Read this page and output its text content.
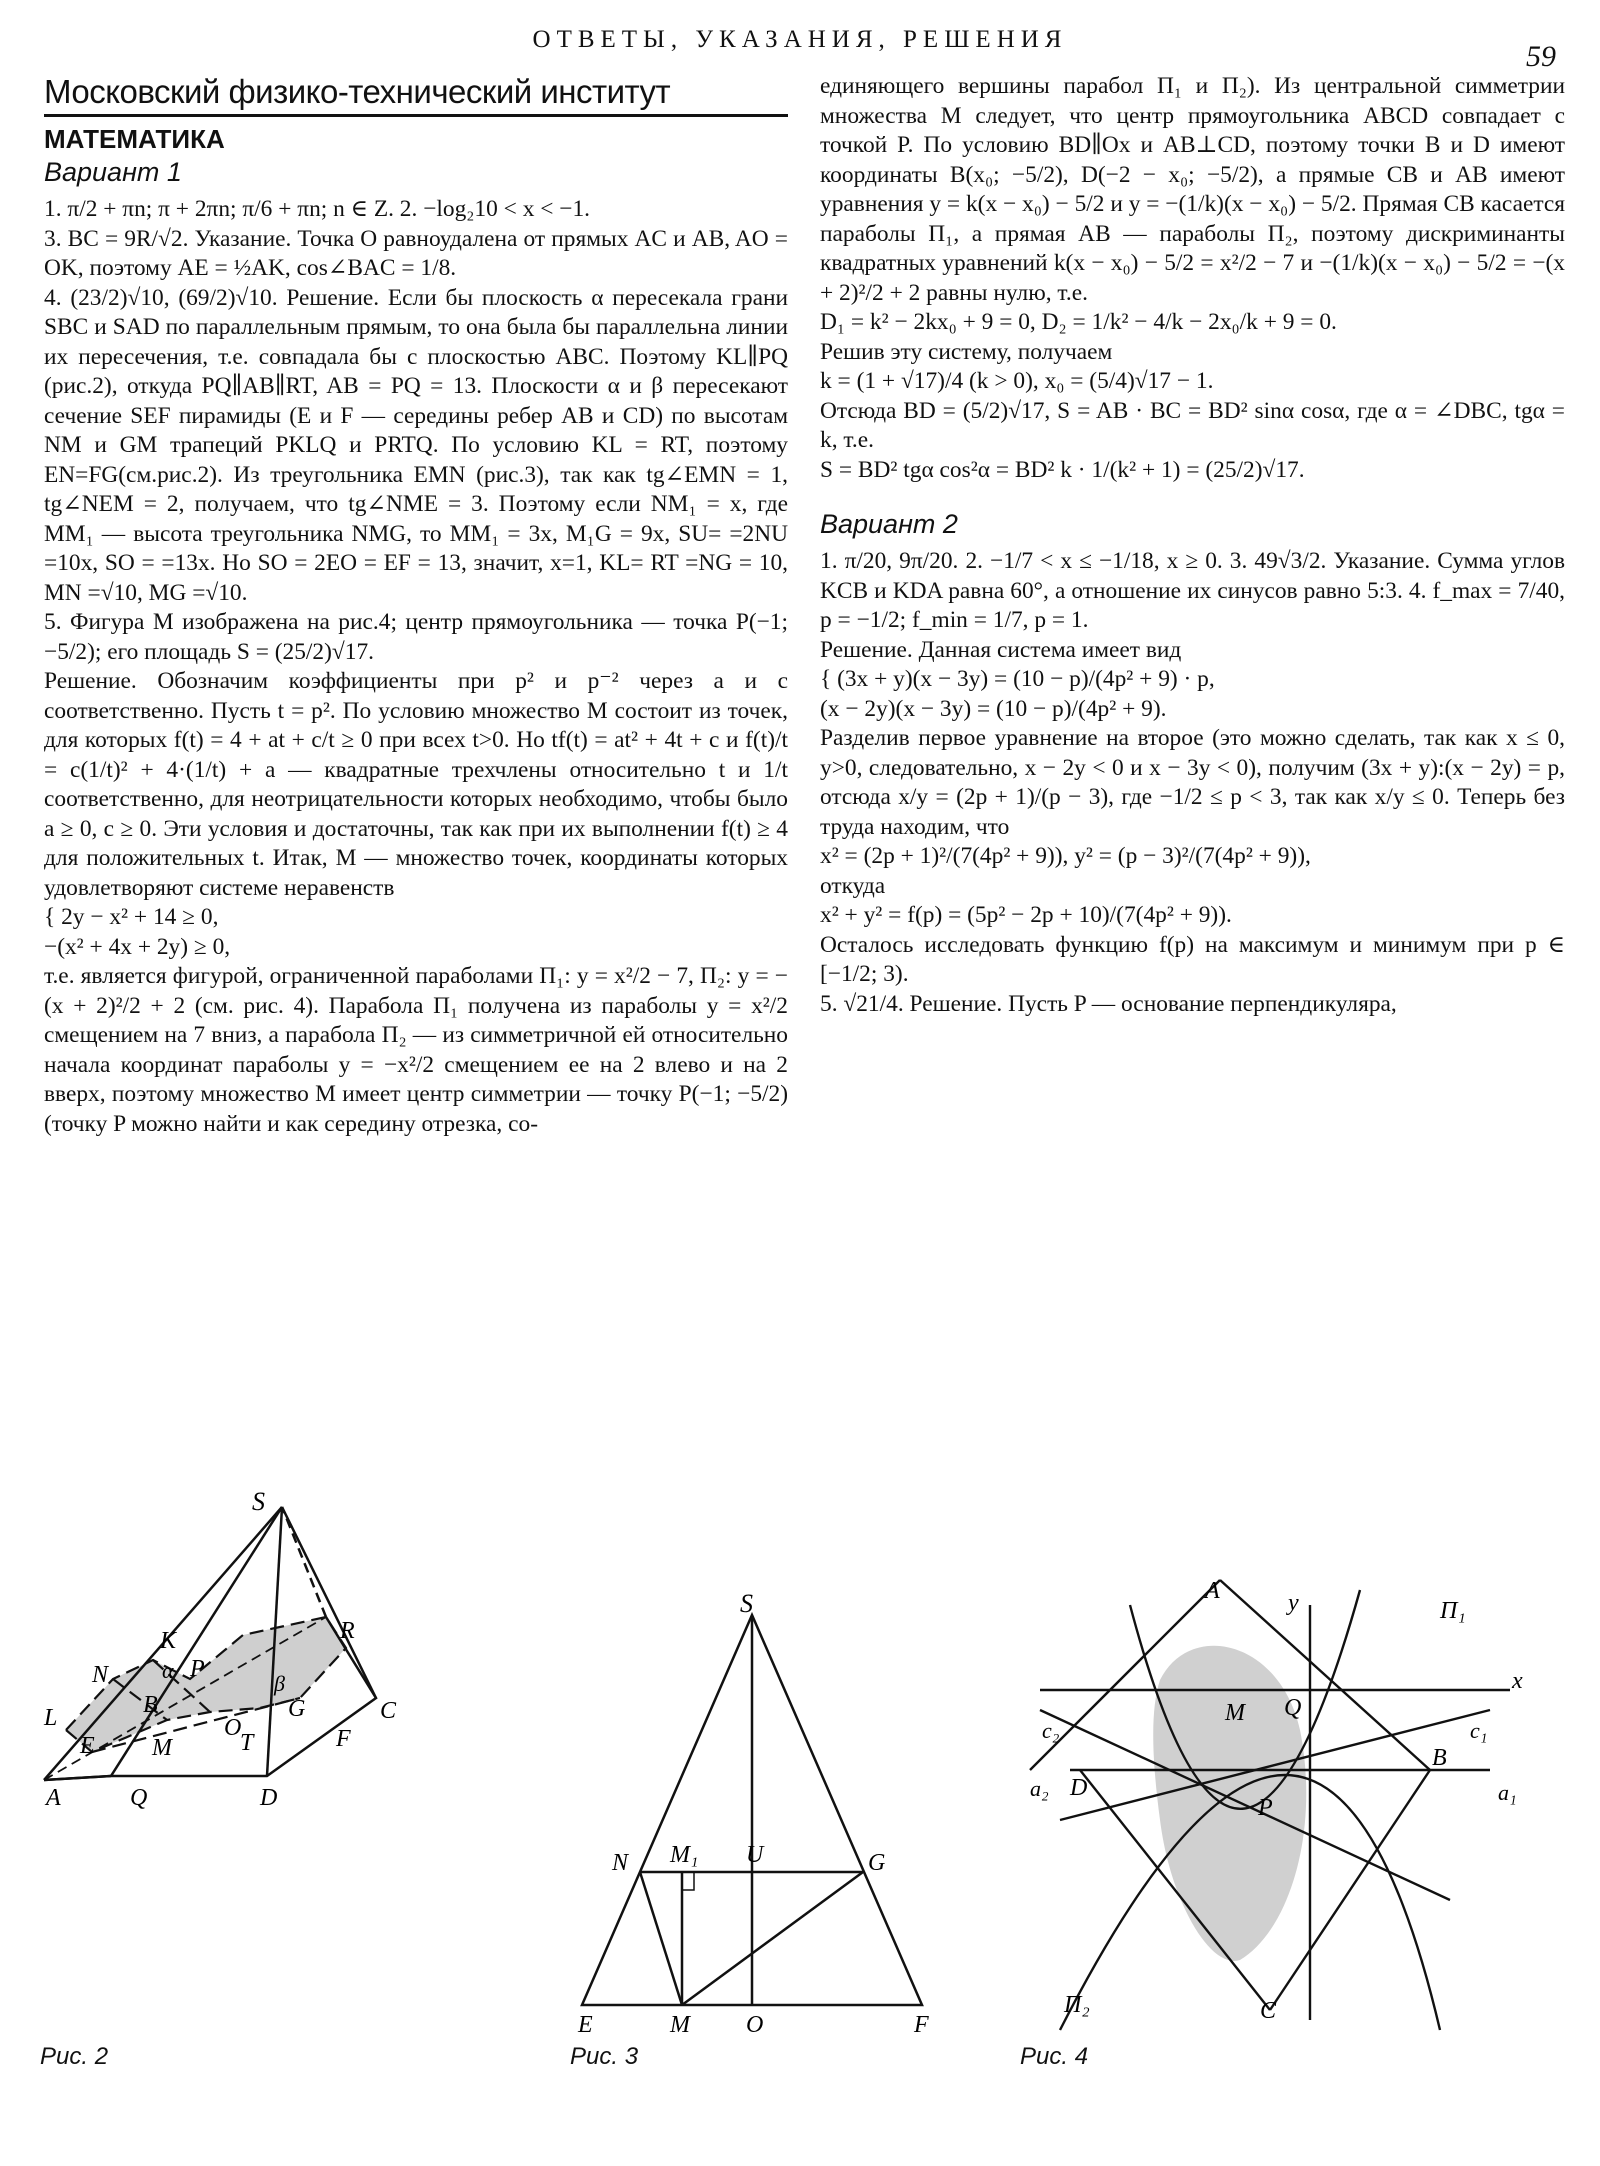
ОТВЕТЫ, УКАЗАНИЯ, РЕШЕНИЯ
59
Московский физико-технический институт
МАТЕМАТИКА
Вариант 1

1. π/2 + πn; π + 2πn; π/6 + πn; n ∈ Z. 2. −log₂10 < x < −1.

3. BC = 9R/√2. Указание. Точка O равноудалена от прямых AC и AB, AO = OK, поэтому AE = ½AK, cos∠BAC = 1/8.

4. (23/2)√10, (69/2)√10. Решение. Если бы плоскость α пересекала грани SBC и SAD по параллельным прямым, то она была бы параллельна линии их пересечения, т.е. совпадала бы с плоскостью ABC. Поэтому KL∥PQ (рис.2), откуда PQ∥AB∥RT, AB = PQ = 13. Плоскости α и β пересекают сечение SEF пирамиды (E и F — середины ребер AB и CD) по высотам NM и GM трапеций PKLQ и PRTQ. По условию KL = RT, поэтому EN=FG(см.рис.2). Из треугольника EMN (рис.3), так как tg∠EMN = 1, tg∠NEM = 2, получаем, что tg∠NME = 3. Поэтому если NM₁ = x, где MM₁ — высота треугольника NMG, то MM₁ = 3x, M₁G = 9x, SU= =2NU =10x, SO = =13x. Но SO = 2EO = EF = 13, значит, x=1, KL= RT =NG = 10, MN =√10, MG =√10.

5. Фигура M изображена на рис.4; центр прямоугольника — точка P(−1; −5/2); его площадь S = (25/2)√17.

Решение. Обозначим коэффициенты при p² и p⁻² через a и c соответственно. Пусть t = p². По условию множество M состоит из точек, для которых f(t) = 4 + at + c/t ≥ 0 при всех t>0. Но tf(t) = at² + 4t + c и f(t)/t = c(1/t)² + 4·(1/t) + a — квадратные трехчлены относительно t и 1/t соответственно, для неотрицательности которых необходимо, чтобы было a ≥ 0, c ≥ 0. Эти условия и достаточны, так как при их выполнении f(t) ≥ 4 для положительных t. Итак, M — множество точек, координаты которых удовлетворяют системе неравенств

{ 2y − x² + 14 ≥ 0,

−(x² + 4x + 2y) ≥ 0,

т.е. является фигурой, ограниченной параболами Π₁: y = x²/2 − 7, Π₂: y = −(x + 2)²/2 + 2 (см. рис. 4). Парабола Π₁ получена из параболы y = x²/2 смещением на 7 вниз, а парабола Π₂ — из симметричной ей относительно начала координат параболы y = −x²/2 смещением ее на 2 влево и на 2 вверх, поэтому множество M имеет центр симметрии — точку P(−1; −5/2) (точку P можно найти и как середину отрезка, со-

единяющего вершины парабол Π₁ и Π₂). Из центральной симметрии множества M следует, что центр прямоугольника ABCD совпадает с точкой P. По условию BD∥Ox и AB⊥CD, поэтому точки B и D имеют координаты B(x₀; −5/2), D(−2 − x₀; −5/2), а прямые CB и AB имеют уравнения y = k(x − x₀) − 5/2 и y = −(1/k)(x − x₀) − 5/2. Прямая CB касается параболы Π₁, а прямая AB — параболы Π₂, поэтому дискриминанты квадратных уравнений k(x − x₀) − 5/2 = x²/2 − 7 и −(1/k)(x − x₀) − 5/2 = −(x + 2)²/2 + 2 равны нулю, т.е.

D₁ = k² − 2kx₀ + 9 = 0, D₂ = 1/k² − 4/k − 2x₀/k + 9 = 0.

Решив эту систему, получаем

k = (1 + √17)/4 (k > 0), x₀ = (5/4)√17 − 1.

Отсюда BD = (5/2)√17, S = AB · BC = BD² sinα cosα, где α = ∠DBC, tgα = k, т.е.

S = BD² tgα cos²α = BD² k · 1/(k² + 1) = (25/2)√17.

Вариант 2

1. π/20, 9π/20. 2. −1/7 < x ≤ −1/18, x ≥ 0. 3. 49√3/2. Указание. Сумма углов KCB и KDA равна 60°, а отношение их синусов равно 5:3. 4. f_max = 7/40, p = −1/2; f_min = 1/7, p = 1.

Решение. Данная система имеет вид

{ (3x + y)(x − 3y) = (10 − p)/(4p² + 9) · p,

(x − 2y)(x − 3y) = (10 − p)/(4p² + 9).

Разделив первое уравнение на второе (это можно сделать, так как x ≤ 0, y>0, следовательно, x − 2y < 0 и x − 3y < 0), получим (3x + y):(x − 2y) = p, отсюда x/y = (2p + 1)/(p − 3), где −1/2 ≤ p < 3, так как x/y ≤ 0. Теперь без труда находим, что

x² = (2p + 1)²/(7(4p² + 9)), y² = (p − 3)²/(7(4p² + 9)),

откуда

x² + y² = f(p) = (5p² − 2p + 10)/(7(4p² + 9)).

Осталось исследовать функцию f(p) на максимум и минимум при p ∈ [−1/2; 3).

5. √21/4. Решение. Пусть P — основание перпендикуляра,

S
K	R
N α P
β
B	C
L	G
O
E M	F
T
A	Q	D
S
N M₁ U	G
E	M O	F
A	y	Π₁
x
Q
M
c₂	c₁
a₂ D
B
a₁
P
Π₂	C
Рис. 2	Рис. 3	Рис. 4
